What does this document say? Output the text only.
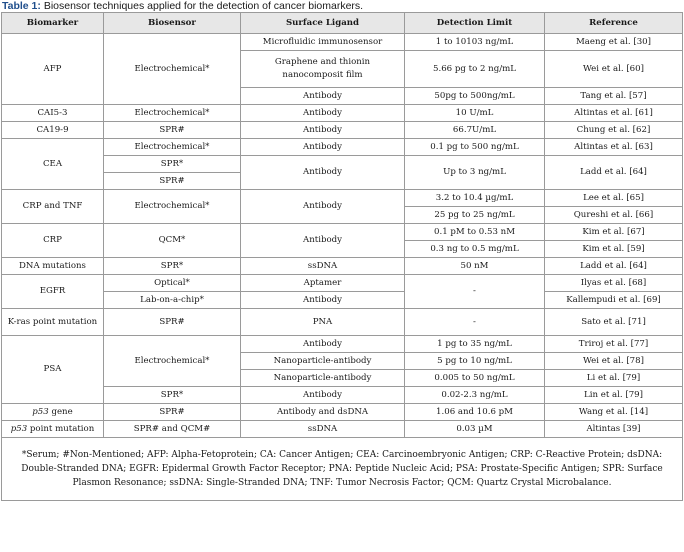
Table 1: Biosensor techniques applied for the detection of cancer biomarkers.
Biomarker	Biosensor	Surface Ligand	Detection Limit	Reference
AFP	Electrochemical*	Microfluidic immunosensor	1 to 10103 ng/mL	Maeng et al. [30]
		Graphene and thionin nanocomposit film	5.66 pg to 2 ng/mL	Wei et al. [60]
		Antibody	50pg to 500ng/mL	Tang et al. [57]
CAI5-3	Electrochemical*	Antibody	10 U/mL	Altintas et al. [61]
CA19-9	SPR#	Antibody	66.7U/mL	Chung et al. [62]
CEA	Electrochemical*	Antibody	0.1 pg to 500 ng/mL	Altintas et al. [63]
	SPR*	Antibody	Up to 3 ng/mL	Ladd et al. [64]
	SPR#			
CRP and TNF	Electrochemical*	Antibody	3.2 to 10.4 µg/mL	Lee et al. [65]
			25 pg to 25 ng/mL	Qureshi et al. [66]
CRP	QCM*	Antibody	0.1 pM to 0.53 nM	Kim et al. [67]
			0.3 ng to 0.5 mg/mL	Kim et al. [59]
DNA mutations	SPR*	ssDNA	50 nM	Ladd et al. [64]
EGFR	Optical*	Aptamer	-	Ilyas et al. [68]
	Lab-on-a-chip*	Antibody		Kallempudi et al. [69]
K-ras point mutation	SPR#	PNA	-	Sato et al. [71]
PSA	Electrochemical*	Antibody	1 pg to 35 ng/mL	Triroj et al. [77]
		Nanoparticle-antibody	5 pg to 10 ng/mL	Wei et al. [78]
		Nanoparticle-antibody	0.005 to 50 ng/mL	Li et al. [79]
	SPR*	Antibody	0.02-2.3 ng/mL	Lin et al. [79]
p53 gene	SPR#	Antibody and dsDNA	1.06 and 10.6 pM	Wang et al. [14]
p53 point mutation	SPR# and QCM#	ssDNA	0.03 µM	Altintas [39]
*Serum; #Non-Mentioned; AFP: Alpha-Fetoprotein; CA: Cancer Antigen; CEA: Carcinoembryonic Antigen; CRP: C-Reactive Protein; dsDNA: Double-Stranded DNA; EGFR: Epidermal Growth Factor Receptor; PNA: Peptide Nucleic Acid; PSA: Prostate-Specific Antigen; SPR: Surface Plasmon Resonance; ssDNA: Single-Stranded DNA; TNF: Tumor Necrosis Factor; QCM: Quartz Crystal Microbalance.				
